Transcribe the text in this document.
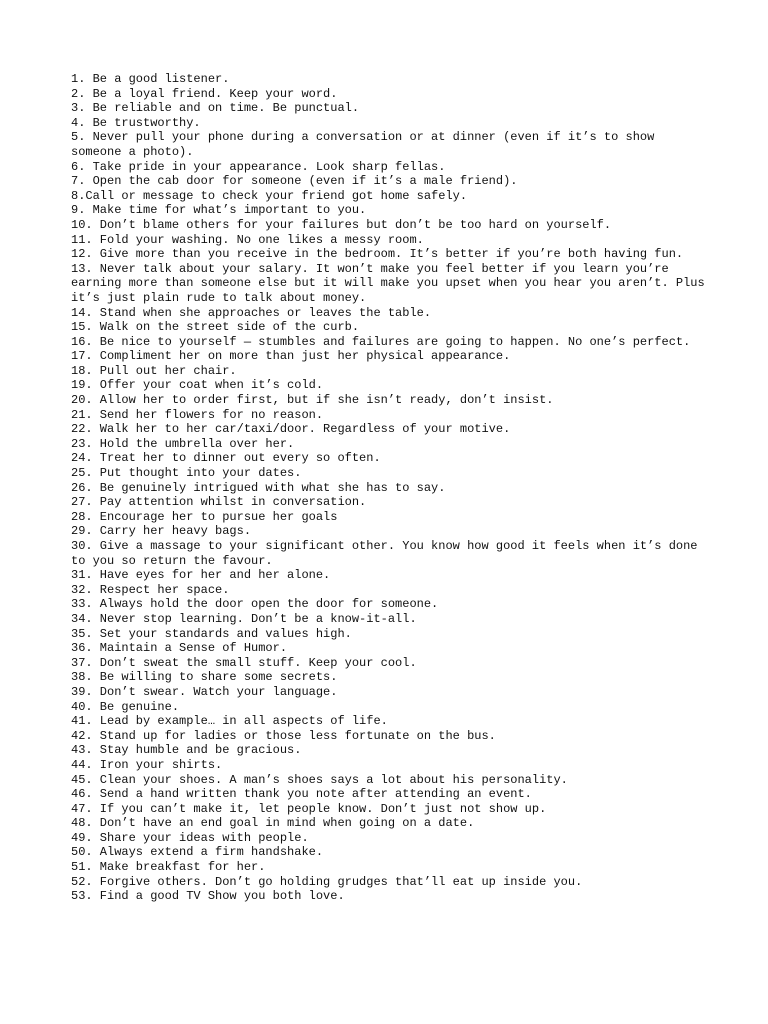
1. Be a good listener.
2. Be a loyal friend. Keep your word.
3. Be reliable and on time. Be punctual.
4. Be trustworthy.
5. Never pull your phone during a conversation or at dinner (even if it’s to show someone a photo).
6. Take pride in your appearance. Look sharp fellas.
7. Open the cab door for someone (even if it’s a male friend).
8.Call or message to check your friend got home safely.
9. Make time for what’s important to you.
10. Don’t blame others for your failures but don’t be too hard on yourself.
11. Fold your washing. No one likes a messy room.
12. Give more than you receive in the bedroom. It’s better if you’re both having fun.
13. Never talk about your salary. It won’t make you feel better if you learn you’re earning more than someone else but it will make you upset when you hear you aren’t. Plus it’s just plain rude to talk about money.
14. Stand when she approaches or leaves the table.
15. Walk on the street side of the curb.
16. Be nice to yourself — stumbles and failures are going to happen. No one’s perfect.
17. Compliment her on more than just her physical appearance.
18. Pull out her chair.
19. Offer your coat when it’s cold.
20. Allow her to order first, but if she isn’t ready, don’t insist.
21. Send her flowers for no reason.
22. Walk her to her car/taxi/door. Regardless of your motive.
23. Hold the umbrella over her.
24. Treat her to dinner out every so often.
25. Put thought into your dates.
26. Be genuinely intrigued with what she has to say.
27. Pay attention whilst in conversation.
28. Encourage her to pursue her goals
29. Carry her heavy bags.
30. Give a massage to your significant other. You know how good it feels when it’s done to you so return the favour.
31. Have eyes for her and her alone.
32. Respect her space.
33. Always hold the door open the door for someone.
34. Never stop learning. Don’t be a know-it-all.
35. Set your standards and values high.
36. Maintain a Sense of Humor.
37. Don’t sweat the small stuff. Keep your cool.
38. Be willing to share some secrets.
39. Don’t swear. Watch your language.
40. Be genuine.
41. Lead by example… in all aspects of life.
42. Stand up for ladies or those less fortunate on the bus.
43. Stay humble and be gracious.
44. Iron your shirts.
45. Clean your shoes. A man’s shoes says a lot about his personality.
46. Send a hand written thank you note after attending an event.
47. If you can’t make it, let people know. Don’t just not show up.
48. Don’t have an end goal in mind when going on a date.
49. Share your ideas with people.
50. Always extend a firm handshake.
51. Make breakfast for her.
52. Forgive others. Don’t go holding grudges that’ll eat up inside you.
53. Find a good TV Show you both love.
